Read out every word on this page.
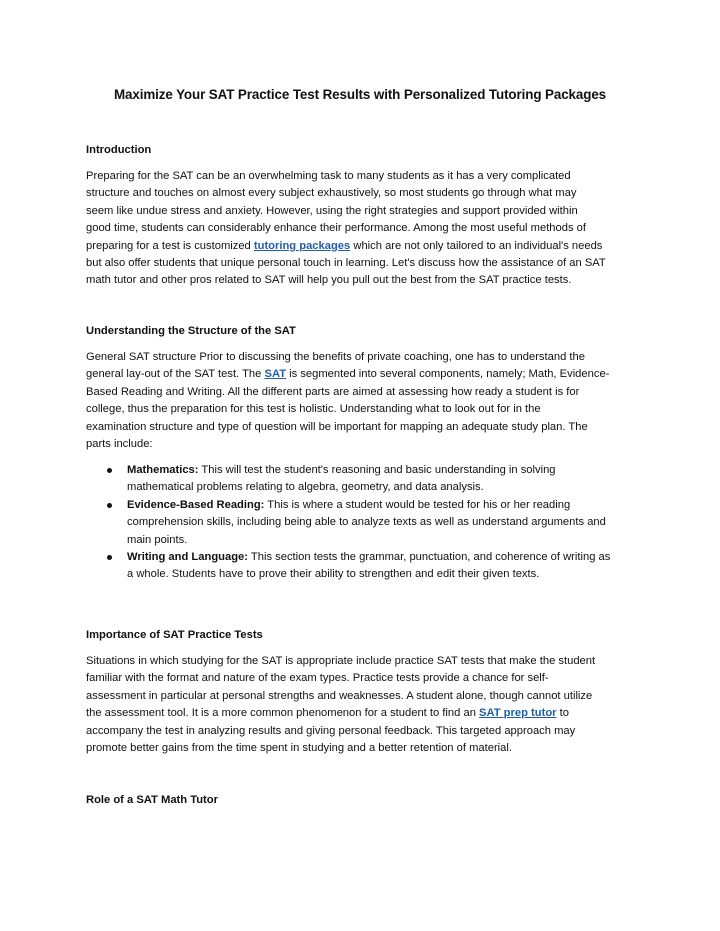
Maximize Your SAT Practice Test Results with Personalized Tutoring Packages
Introduction

Preparing for the SAT can be an overwhelming task to many students as it has a very complicated
structure and touches on almost every subject exhaustively, so most students go through what may
seem like undue stress and anxiety. However, using the right strategies and support provided within
good time, students can considerably enhance their performance. Among the most useful methods of
preparing for a test is customized tutoring packages which are not only tailored to an individual's needs
but also offer students that unique personal touch in learning. Let's discuss how the assistance of an SAT
math tutor and other pros related to SAT will help you pull out the best from the SAT practice tests.

Understanding the Structure of the SAT

General SAT structure Prior to discussing the benefits of private coaching, one has to understand the
general lay-out of the SAT test. The SAT is segmented into several components, namely; Math, Evidence-
Based Reading and Writing. All the different parts are aimed at assessing how ready a student is for
college, thus the preparation for this test is holistic. Understanding what to look out for in the
examination structure and type of question will be important for mapping an adequate study plan. The
parts include:

Mathematics: This will test the student's reasoning and basic understanding in solving
mathematical problems relating to algebra, geometry, and data analysis.
Evidence-Based Reading: This is where a student would be tested for his or her reading
comprehension skills, including being able to analyze texts as well as understand arguments and
main points.
Writing and Language: This section tests the grammar, punctuation, and coherence of writing as
a whole. Students have to prove their ability to strengthen and edit their given texts.
Importance of SAT Practice Tests

Situations in which studying for the SAT is appropriate include practice SAT tests that make the student
familiar with the format and nature of the exam types. Practice tests provide a chance for self-
assessment in particular at personal strengths and weaknesses. A student alone, though cannot utilize
the assessment tool. It is a more common phenomenon for a student to find an SAT prep tutor to
accompany the test in analyzing results and giving personal feedback. This targeted approach may
promote better gains from the time spent in studying and a better retention of material.

Role of a SAT Math Tutor
